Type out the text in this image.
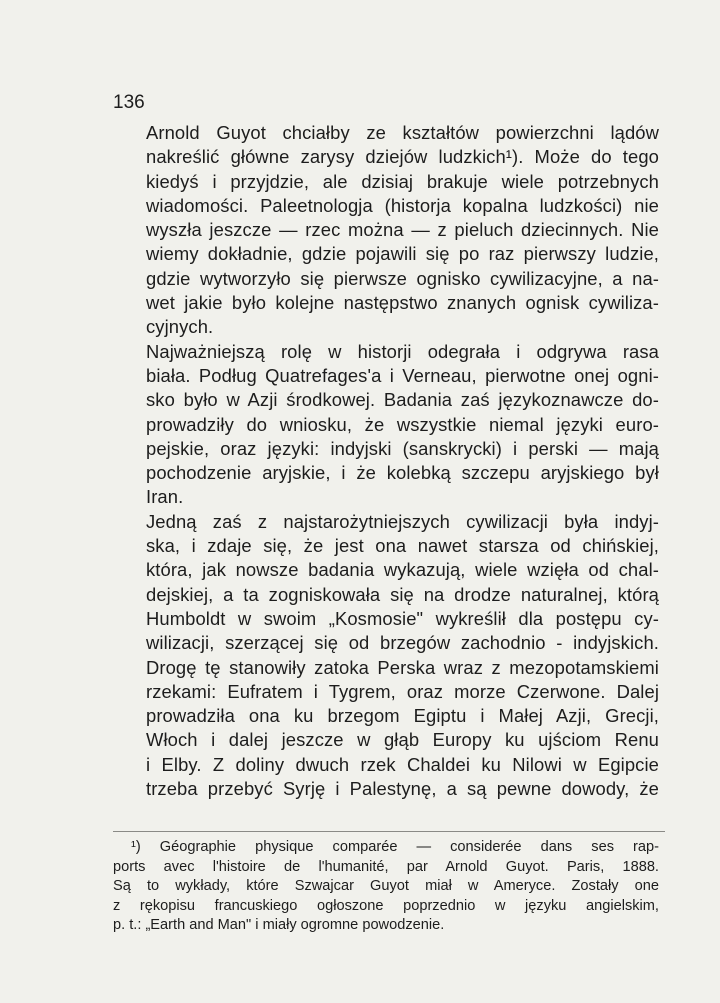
136

Arnold Guyot chciałby ze kształtów powierzchni lądów
nakreślić główne zarysy dziejów ludzkich¹). Może do tego
kiedyś i przyjdzie, ale dzisiaj brakuje wiele potrzebnych
wiadomości. Paleetnologja (historja kopalna ludzkości) nie
wyszła jeszcze — rzec można — z pieluch dziecinnych. Nie
wiemy dokładnie, gdzie pojawili się po raz pierwszy ludzie,
gdzie wytworzyło się pierwsze ognisko cywilizacyjne, a na-
wet jakie było kolejne następstwo znanych ognisk cywiliza-
cyjnych.

Najważniejszą rolę w historji odegrała i odgrywa rasa
biała. Podług Quatrefages'a i Verneau, pierwotne onej ogni-
sko było w Azji środkowej. Badania zaś językoznawcze do-
prowadziły do wniosku, że wszystkie niemal języki euro-
pejskie, oraz języki: indyjski (sanskrycki) i perski — mają
pochodzenie aryjskie, i że kolebką szczepu aryjskiego był
Iran.

Jedną zaś z najstarożytniejszych cywilizacji była indyj-
ska, i zdaje się, że jest ona nawet starsza od chińskiej,
która, jak nowsze badania wykazują, wiele wzięła od chal-
dejskiej, a ta zogniskowała się na drodze naturalnej, którą
Humboldt w swoim „Kosmosie" wykreślił dla postępu cy-
wilizacji, szerzącej się od brzegów zachodnio - indyjskich.
Drogę tę stanowiły zatoka Perska wraz z mezopotamskiemi
rzekami: Eufratem i Tygrem, oraz morze Czerwone. Dalej
prowadziła ona ku brzegom Egiptu i Małej Azji, Grecji,
Włoch i dalej jeszcze w głąb Europy ku ujściom Renu
i Elby. Z doliny dwuch rzek Chaldei ku Nilowi w Egipcie
trzeba przebyć Syrję i Palestynę, a są pewne dowody, że

¹) Géographie physique comparée — considerée dans ses rap-
ports avec l'histoire de l'humanité, par Arnold Guyot. Paris, 1888.
Są to wykłady, które Szwajcar Guyot miał w Ameryce. Zostały one
z rękopisu francuskiego ogłoszone poprzednio w języku angielskim,
p. t.: „Earth and Man" i miały ogromne powodzenie.
